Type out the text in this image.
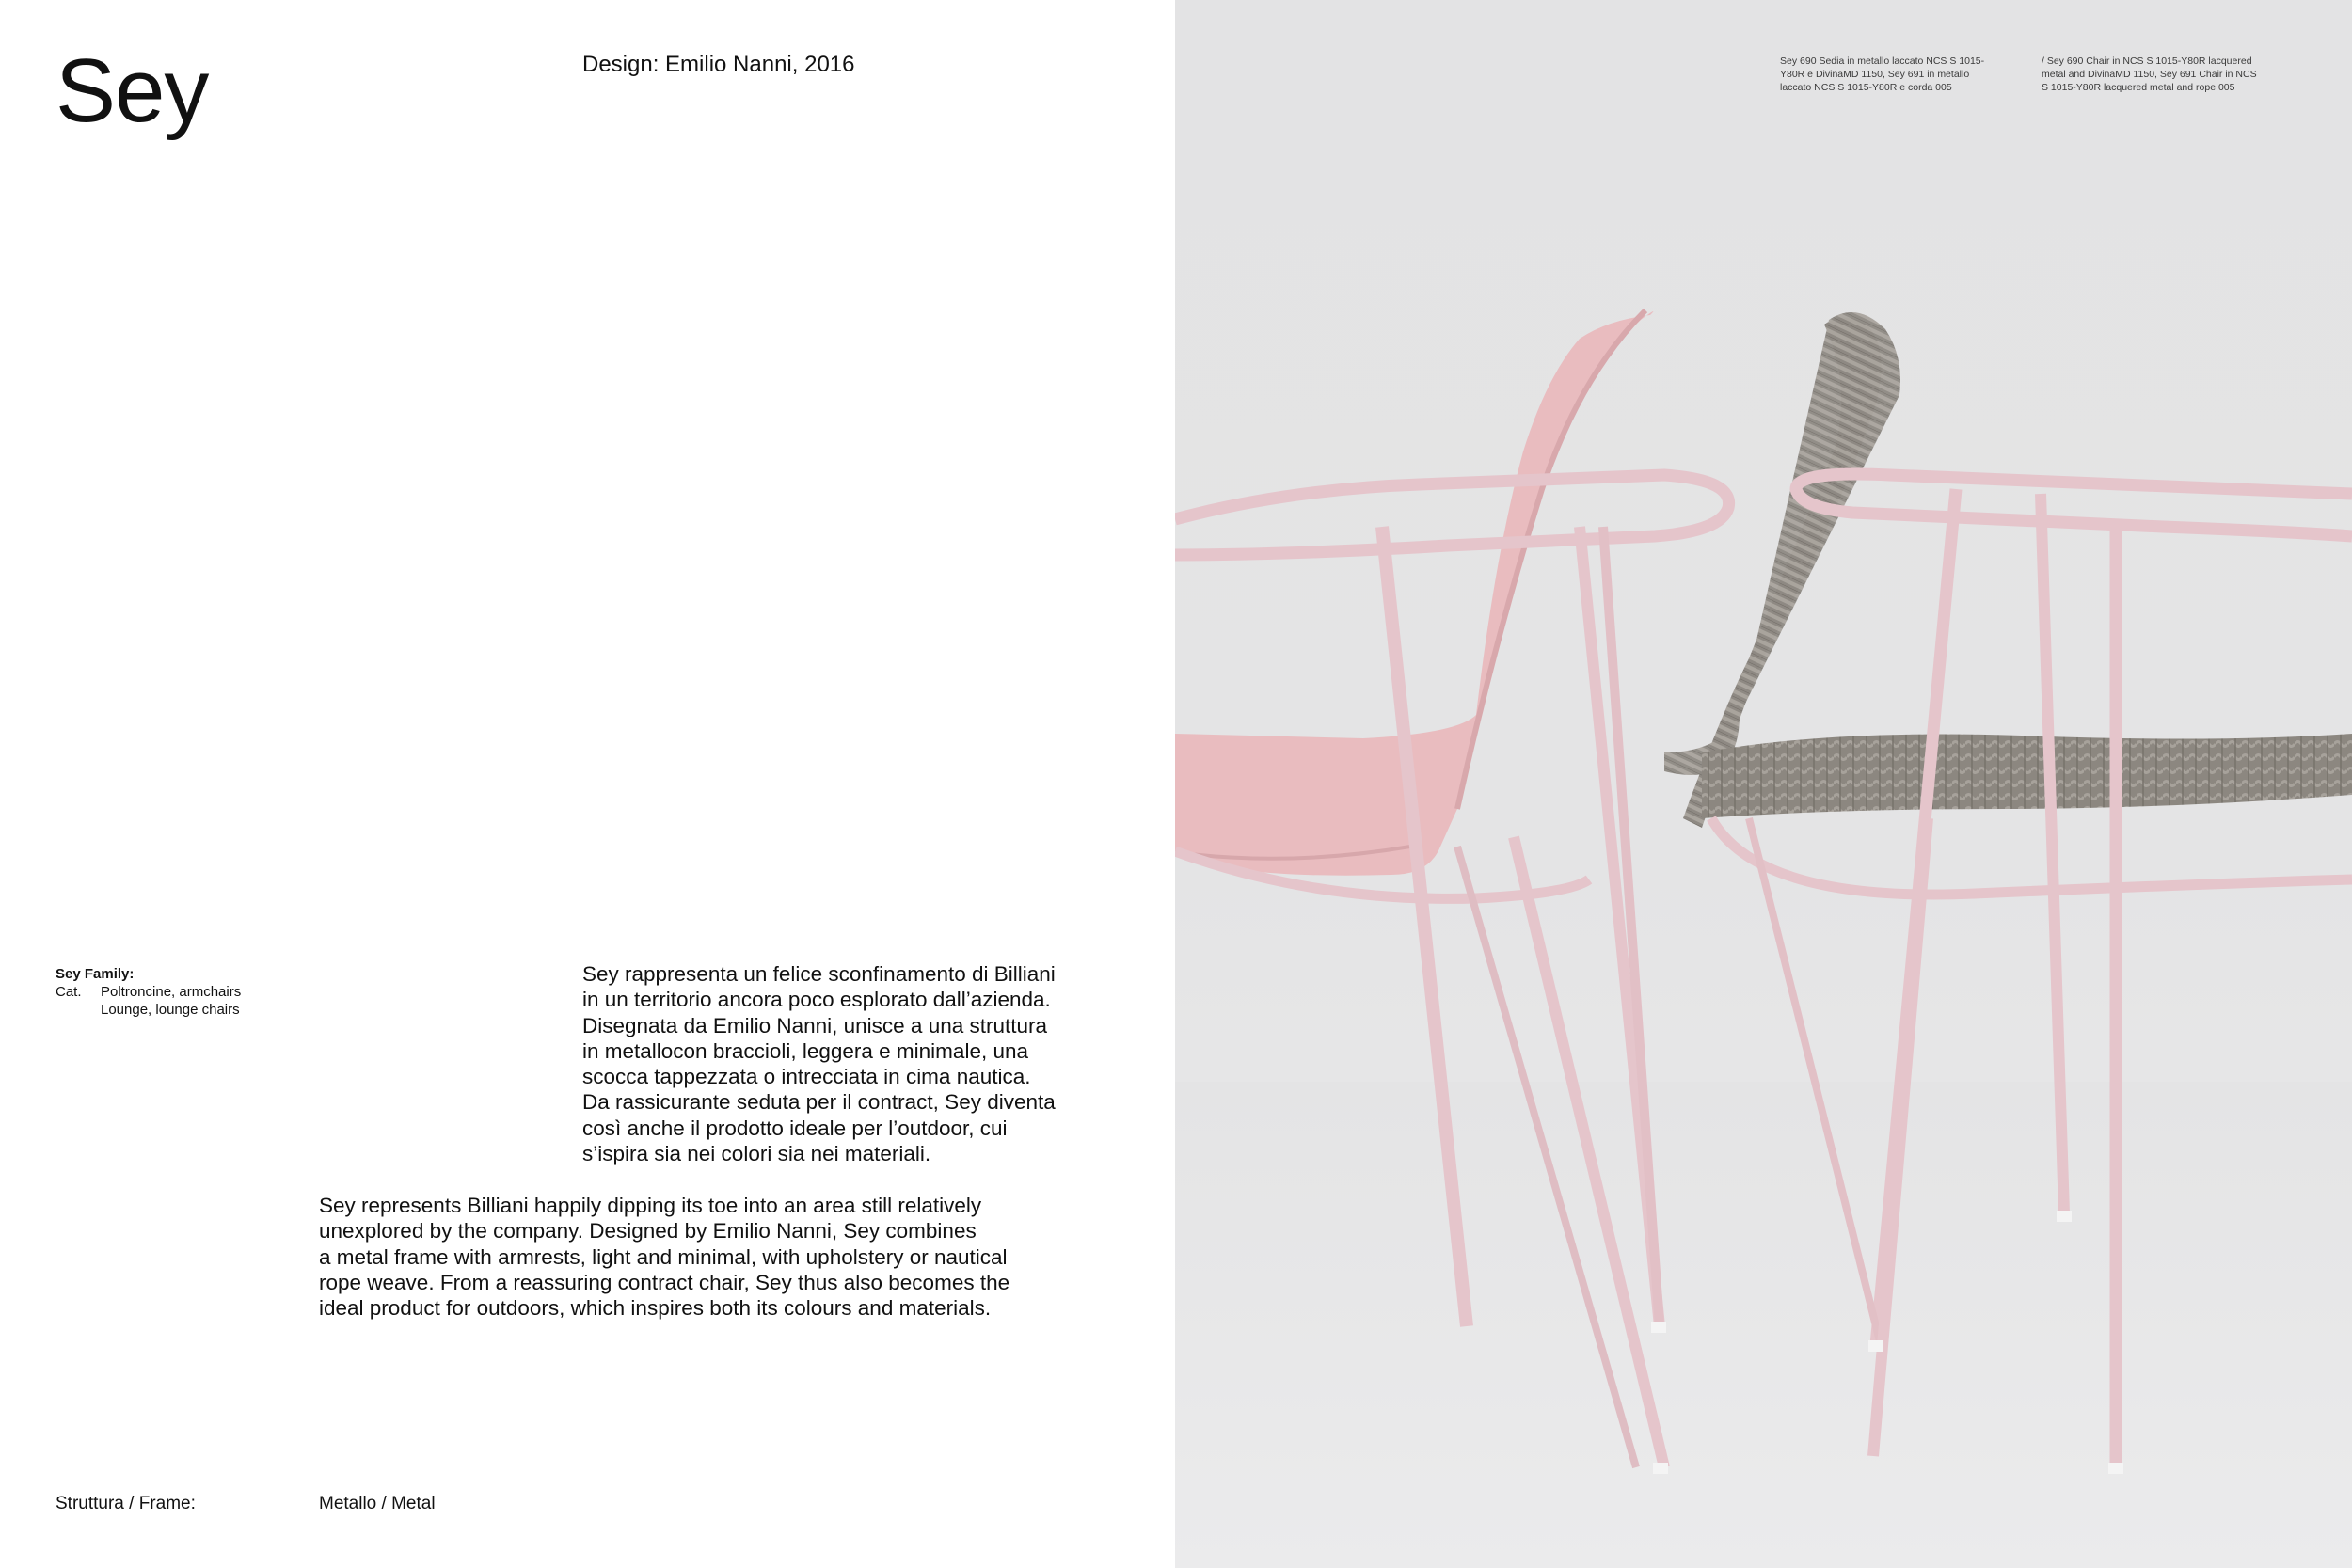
Sey	Design: Emilio Nanni, 2016
Sey Family:
Cat.	Poltroncine, armchairs
Lounge, lounge chairs

Sey rappresenta un felice sconfinamento di Billiani

in un territorio ancora poco esplorato dall’azienda.

Disegnata da Emilio Nanni, unisce a una struttura

in metallocon braccioli, leggera e minimale, una

scocca tappezzata o intrecciata in cima nautica.

Da rassicurante seduta per il contract, Sey diventa

così anche il prodotto ideale per l’outdoor, cui

s’ispira sia nei colori sia nei materiali.

Sey represents Billiani happily dipping its toe into an area still relatively

unexplored by the company. Designed by Emilio Nanni, Sey combines

a metal frame with armrests, light and minimal, with upholstery or nautical

rope weave. From a reassuring contract chair, Sey thus also becomes the

ideal product for outdoors, which inspires both its colours and materials.

Struttura / Frame:	Metallo / Metal
Sey 690 Sedia in metallo laccato NCS S 1015-
Y80R e DivinaMD 1150, Sey 691 in metallo
laccato NCS S 1015-Y80R e corda 005
/ Sey 690 Chair in NCS S 1015-Y80R lacquered
metal and DivinaMD 1150, Sey 691 Chair in NCS
S 1015-Y80R lacquered metal and rope 005
